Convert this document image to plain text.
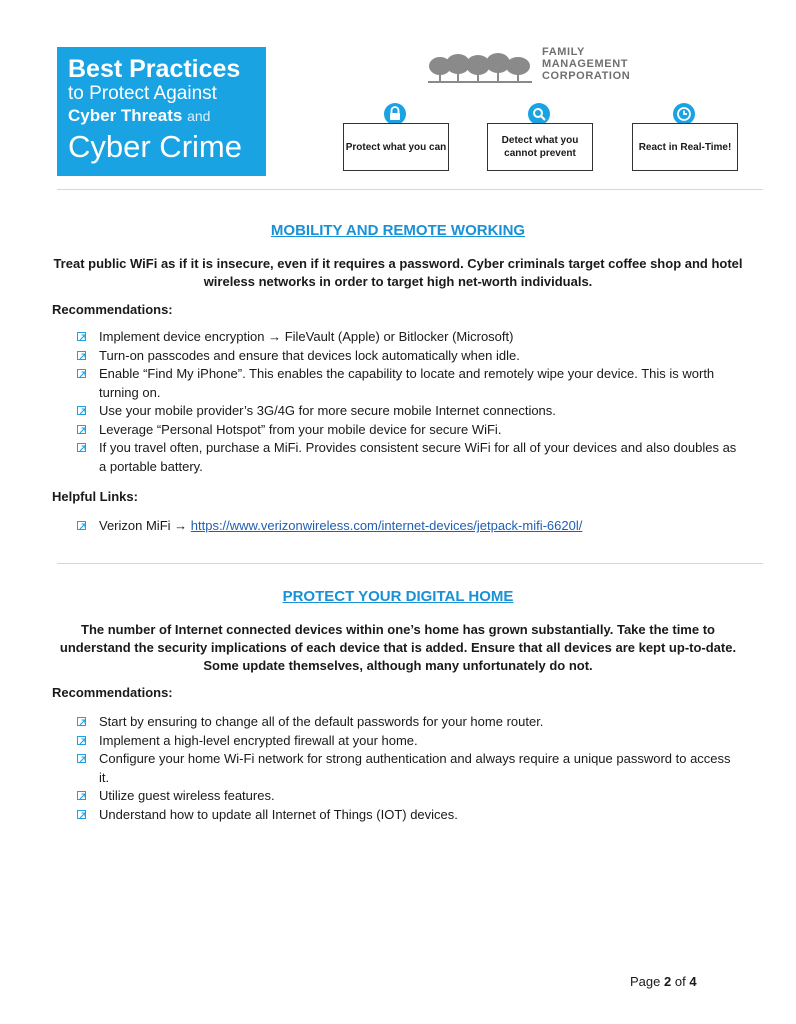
Best Practices
to Protect Against
Cyber Threats and
Cyber Crime
FAMILY
MANAGEMENT
CORPORATION
Protect what you can
Detect what you cannot prevent
React in Real-Time!
MOBILITY AND REMOTE WORKING
Treat public WiFi as if it is insecure, even if it requires a password. Cyber criminals target coffee shop and hotel wireless networks in order to target high net-worth individuals.
Recommendations:
Implement device encryption → FileVault (Apple) or Bitlocker (Microsoft)
Turn-on passcodes and ensure that devices lock automatically when idle.
Enable “Find My iPhone”. This enables the capability to locate and remotely wipe your device. This is worth turning on.
Use your mobile provider’s 3G/4G for more secure mobile Internet connections.
Leverage “Personal Hotspot” from your mobile device for secure WiFi.
If you travel often, purchase a MiFi. Provides consistent secure WiFi for all of your devices and also doubles as a portable battery.
Helpful Links:
Verizon MiFi → https://www.verizonwireless.com/internet-devices/jetpack-mifi-6620l/
PROTECT YOUR DIGITAL HOME
The number of Internet connected devices within one’s home has grown substantially. Take the time to understand the security implications of each device that is added. Ensure that all devices are kept up-to-date. Some update themselves, although many unfortunately do not.
Recommendations:
Start by ensuring to change all of the default passwords for your home router.
Implement a high-level encrypted firewall at your home.
Configure your home Wi-Fi network for strong authentication and always require a unique password to access it.
Utilize guest wireless features.
Understand how to update all Internet of Things (IOT) devices.
Page 2 of 4
